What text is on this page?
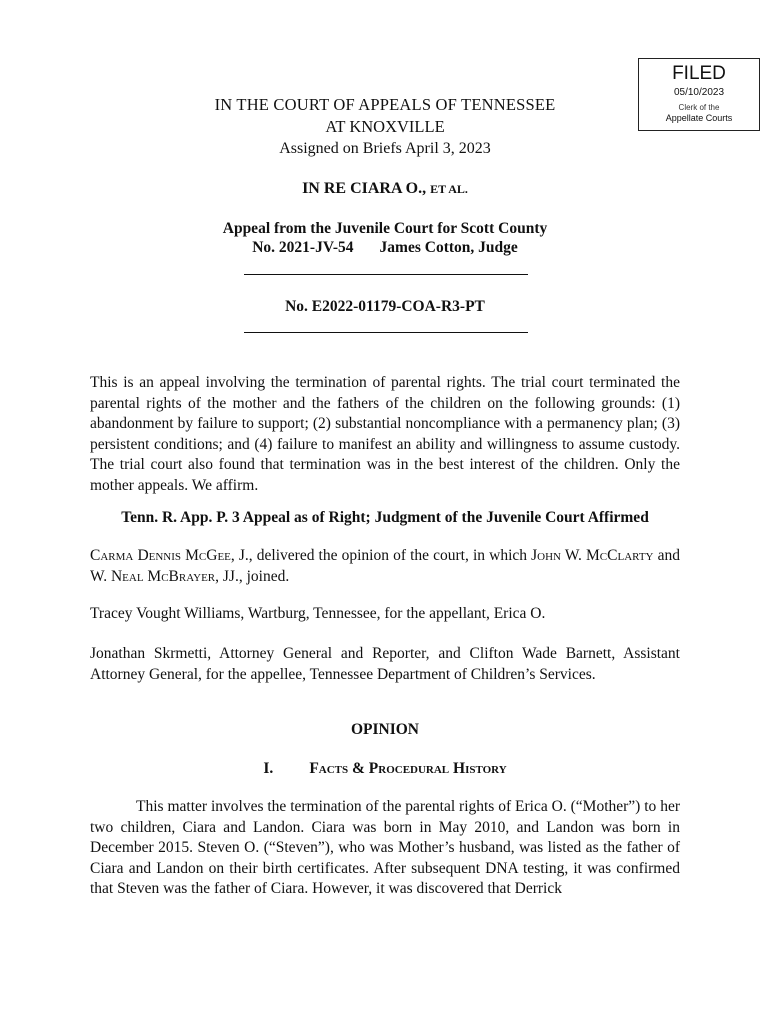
FILED
05/10/2023
Clerk of the
Appellate Courts
IN THE COURT OF APPEALS OF TENNESSEE
AT KNOXVILLE
Assigned on Briefs April 3, 2023
IN RE CIARA O., ET AL.
Appeal from the Juvenile Court for Scott County
No. 2021-JV-54 James Cotton, Judge
No. E2022-01179-COA-R3-PT
This is an appeal involving the termination of parental rights. The trial court terminated the parental rights of the mother and the fathers of the children on the following grounds: (1) abandonment by failure to support; (2) substantial noncompliance with a permanency plan; (3) persistent conditions; and (4) failure to manifest an ability and willingness to assume custody. The trial court also found that termination was in the best interest of the children. Only the mother appeals. We affirm.
Tenn. R. App. P. 3 Appeal as of Right; Judgment of the Juvenile Court Affirmed
Carma Dennis McGee, J., delivered the opinion of the court, in which John W. McClarty and W. Neal McBrayer, JJ., joined.
Tracey Vought Williams, Wartburg, Tennessee, for the appellant, Erica O.
Jonathan Skrmetti, Attorney General and Reporter, and Clifton Wade Barnett, Assistant Attorney General, for the appellee, Tennessee Department of Children’s Services.
OPINION
I. Facts & Procedural History
This matter involves the termination of the parental rights of Erica O. (“Mother”) to her two children, Ciara and Landon. Ciara was born in May 2010, and Landon was born in December 2015. Steven O. (“Steven”), who was Mother’s husband, was listed as the father of Ciara and Landon on their birth certificates. After subsequent DNA testing, it was confirmed that Steven was the father of Ciara. However, it was discovered that Derrick
